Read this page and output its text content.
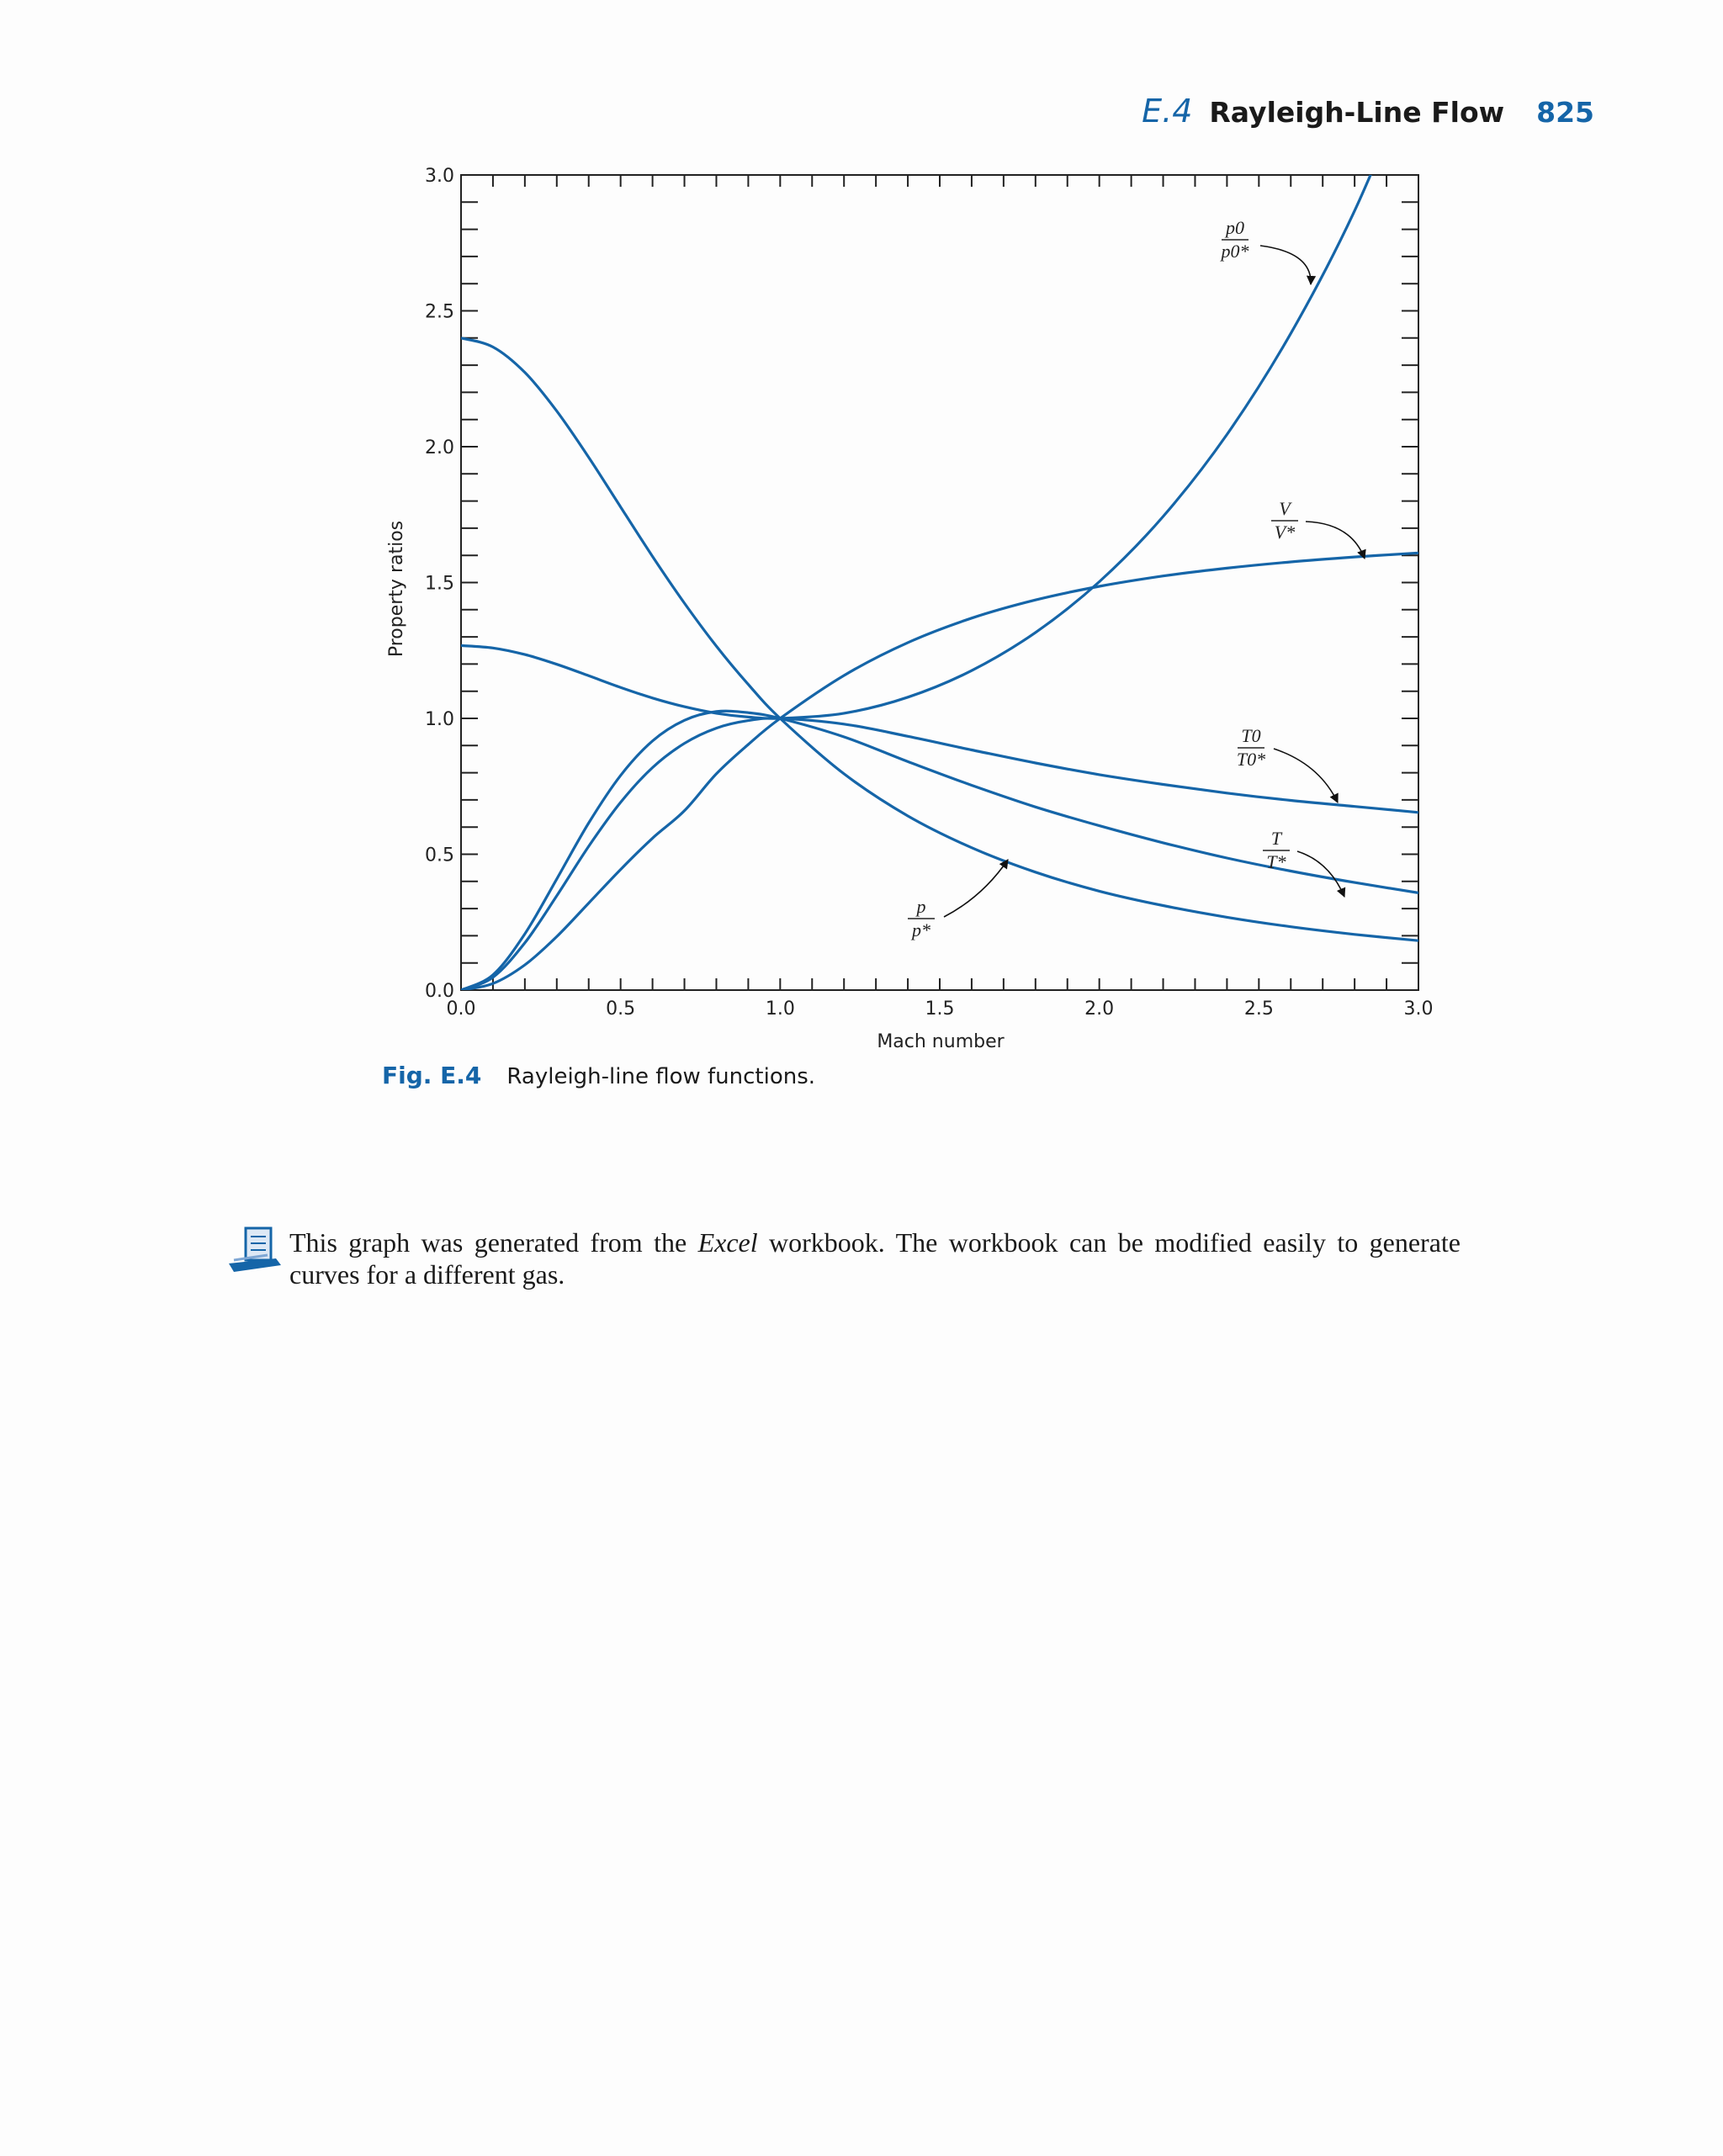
E.4 Rayleigh-Line Flow 825
0.0	0.5	1.0	1.5	2.0	2.5	3.0
0.0
0.5
1.0
1.5
2.0
2.5
3.0
p0
p0*
V
V*
T0
T0*
T
T*
p
p*
Mach number
Property ratios
Fig. E.4 Rayleigh-line flow functions.
This graph was generated from the Excel workbook. The workbook can be modified easily to generate curves for a different gas.
